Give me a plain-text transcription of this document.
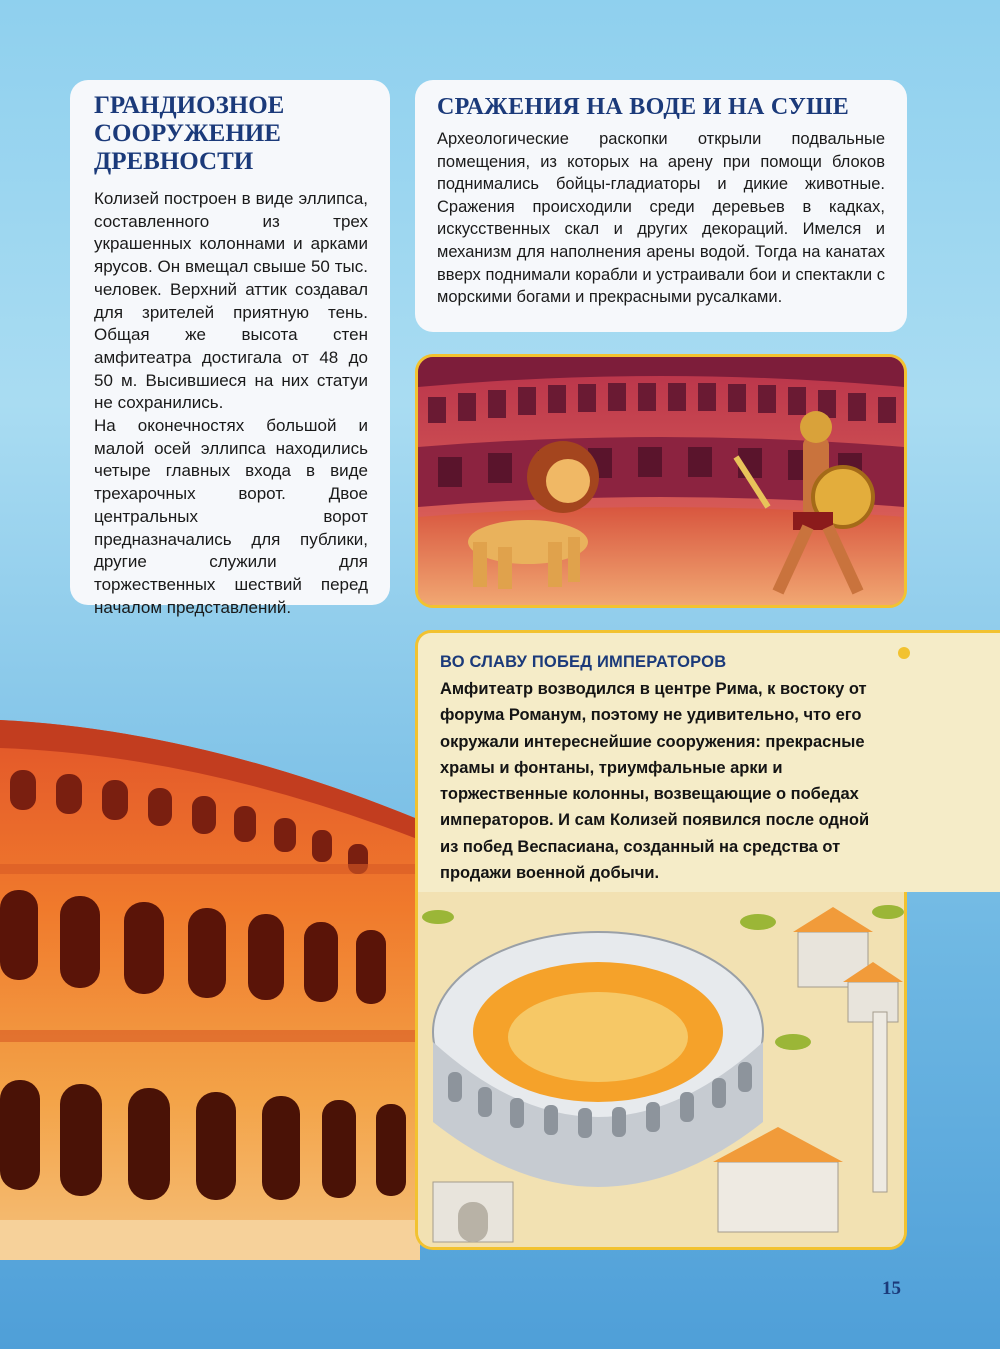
ГРАНДИОЗНОЕ
СООРУЖЕНИЕ
ДРЕВНОСТИ

Колизей построен в виде эллипса, составленного из трех украшенных колоннами и арками ярусов. Он вмещал свыше 50 тыс. человек. Верхний аттик создавал для зрителей приятную тень. Общая же высота стен амфитеатра достигала от 48 до 50 м. Высившиеся на них статуи не сохранились.

На оконечностях большой и малой осей эллипса находились четыре главных входа в виде трехарочных ворот. Двое центральных ворот предназначались для публики, другие служили для торжественных шествий перед началом представлений.

СРАЖЕНИЯ НА ВОДЕ И НА СУШЕ

Археологические раскопки открыли подвальные помещения, из которых на арену при помощи блоков поднимались бойцы-гладиаторы и дикие животные. Сражения происходили среди деревьев в кадках, искусственных скал и других декораций. Имелся и механизм для наполнения арены водой. Тогда на канатах вверх поднимали корабли и устраивали бои и спектакли с морскими богами и прекрасными русалками.

ВО СЛАВУ ПОБЕД ИМПЕРАТОРОВ

Амфитеатр возводился в центре Рима, к востоку от форума Романум, поэтому не удивительно, что его окружали интереснейшие сооружения: прекрасные храмы и фонтаны, триумфальные арки и торжественные колонны, возвещающие о победах императоров. И сам Колизей появился после одной из побед Веспасиана, созданный на средства от продажи военной добычи.

15
